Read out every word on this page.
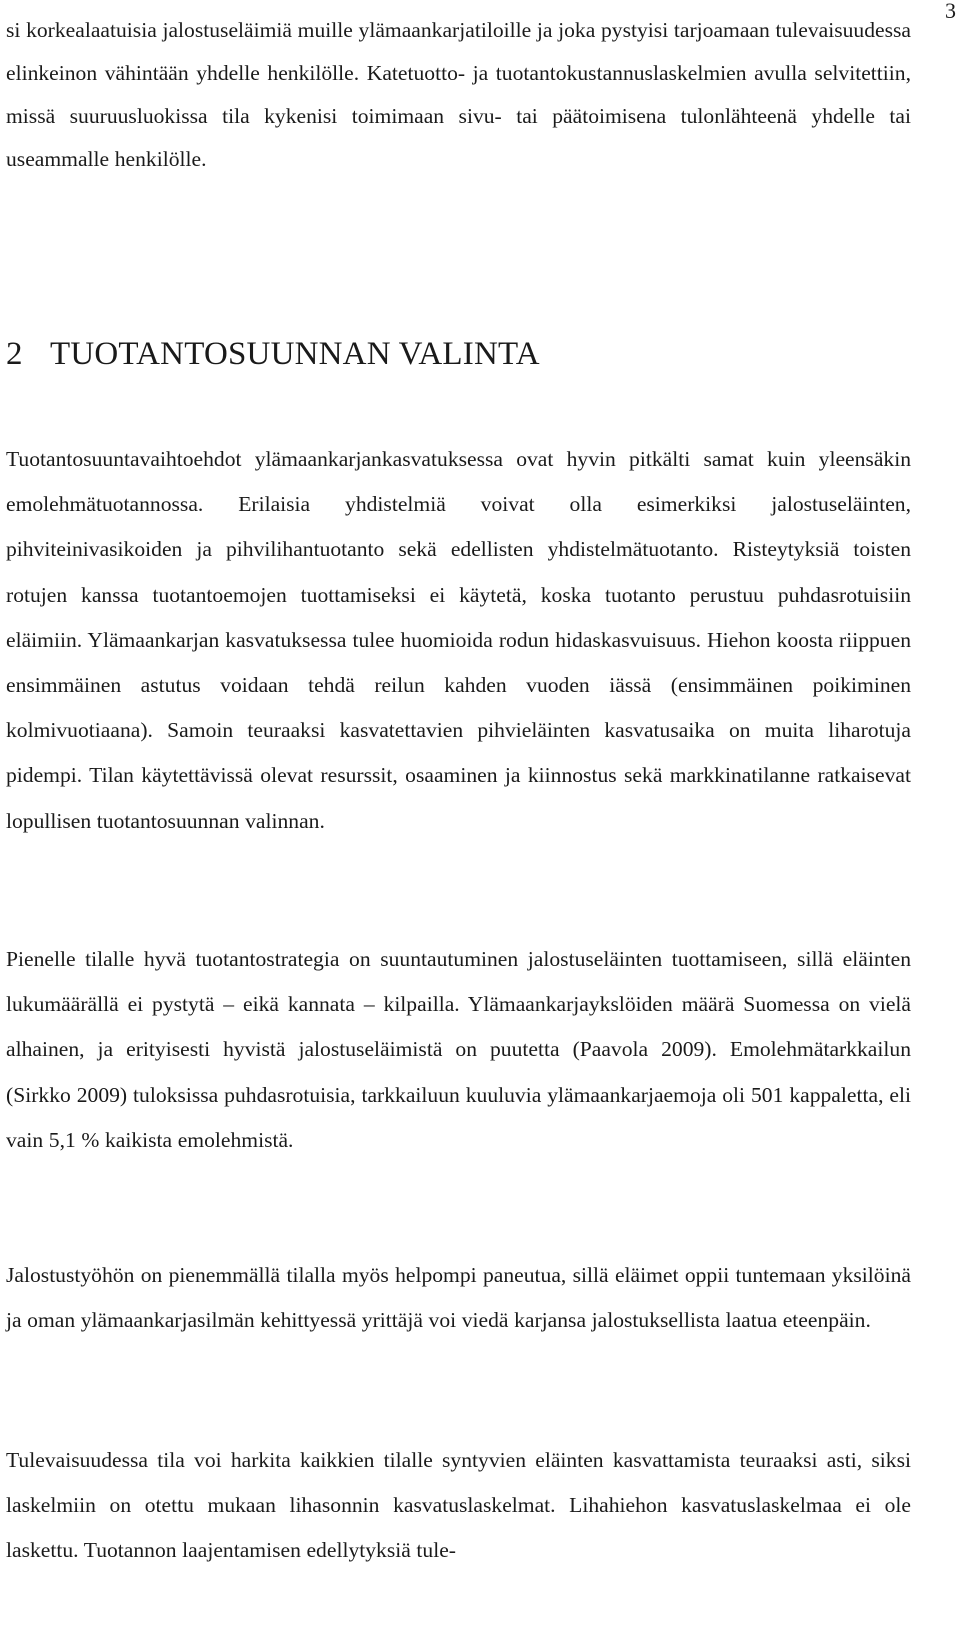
3

si korkealaatuisia jalostuseläimiä muille ylämaankarjatiloille ja joka pystyisi tarjoamaan tulevaisuudessa elinkeinon vähintään yhdelle henkilölle. Katetuotto- ja tuotantokustannuslaskelmien avulla selvitettiin, missä suuruusluokissa tila kykenisi toimimaan sivu- tai päätoimisena tulonlähteenä yhdelle tai useammalle henkilölle.

2 TUOTANTOSUUNNAN VALINTA

Tuotantosuuntavaihtoehdot ylämaankarjankasvatuksessa ovat hyvin pitkälti samat kuin yleensäkin emolehmätuotannossa. Erilaisia yhdistelmiä voivat olla esimerkiksi jalostuseläinten, pihviteinivasikoiden ja pihvilihantuotanto sekä edellisten yhdistelmätuotanto. Risteytyksiä toisten rotujen kanssa tuotantoemojen tuottamiseksi ei käytetä, koska tuotanto perustuu puhdasrotuisiin eläimiin. Ylämaankarjan kasvatuksessa tulee huomioida rodun hidaskasvuisuus. Hiehon koosta riippuen ensimmäinen astutus voidaan tehdä reilun kahden vuoden iässä (ensimmäinen poikiminen kolmivuotiaana). Samoin teuraaksi kasvatettavien pihvieläinten kasvatusaika on muita liharotuja pidempi. Tilan käytettävissä olevat resurssit, osaaminen ja kiinnostus sekä markkinatilanne ratkaisevat lopullisen tuotantosuunnan valinnan.

Pienelle tilalle hyvä tuotantostrategia on suuntautuminen jalostuseläinten tuottamiseen, sillä eläinten lukumäärällä ei pystytä – eikä kannata – kilpailla. Ylämaankarjaykslöiden määrä Suomessa on vielä alhainen, ja erityisesti hyvistä jalostuseläimistä on puutetta (Paavola 2009). Emolehmätarkkailun (Sirkko 2009) tuloksissa puhdasrotuisia, tarkkailuun kuuluvia ylämaankarjaemoja oli 501 kappaletta, eli vain 5,1 % kaikista emolehmistä.

Jalostustyöhön on pienemmällä tilalla myös helpompi paneutua, sillä eläimet oppii tuntemaan yksilöinä ja oman ylämaankarjasilmän kehittyessä yrittäjä voi viedä karjansa jalostuksellista laatua eteenpäin.

Tulevaisuudessa tila voi harkita kaikkien tilalle syntyvien eläinten kasvattamista teuraaksi asti, siksi laskelmiin on otettu mukaan lihasonnin kasvatuslaskelmat. Lihahiehon kasvatuslaskelmaa ei ole laskettu. Tuotannon laajentamisen edellytyksiä tule-
